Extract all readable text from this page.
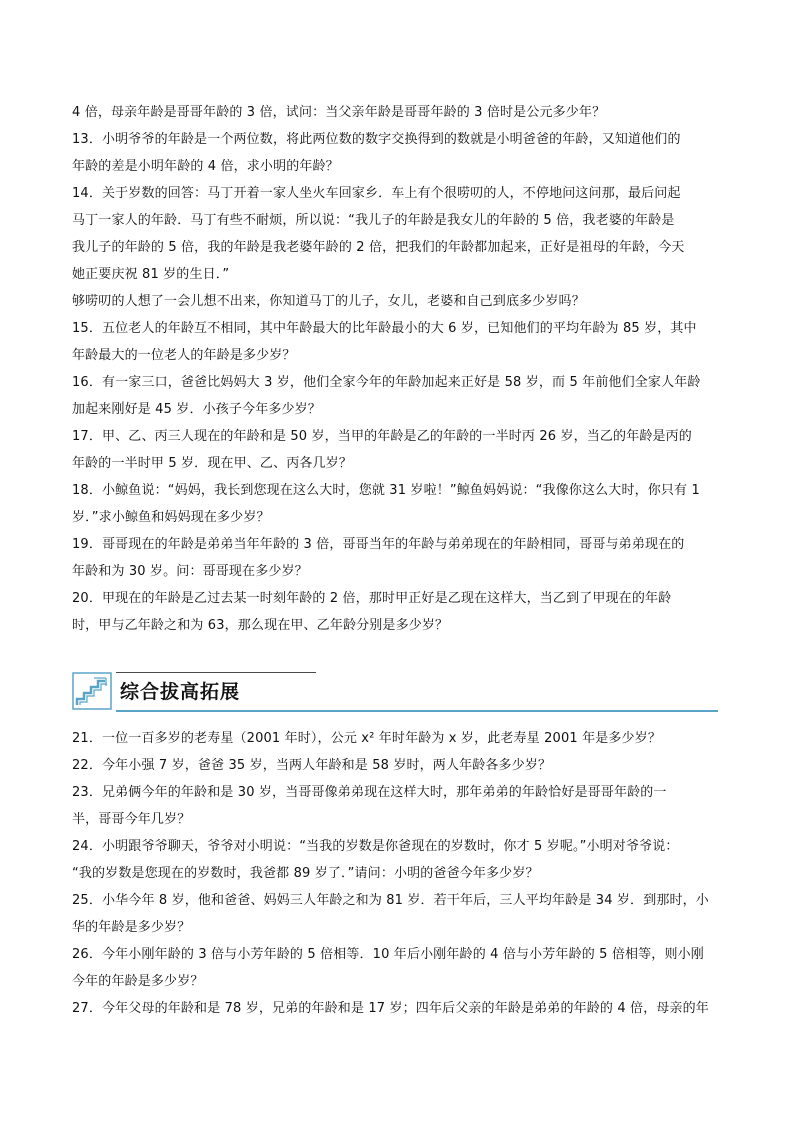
4 倍，母亲年龄是哥哥年龄的 3 倍，试问：当父亲年龄是哥哥年龄的 3 倍时是公元多少年？
13．小明爷爷的年龄是一个两位数，将此两位数的数字交换得到的数就是小明爸爸的年龄，又知道他们的
年龄的差是小明年龄的 4 倍，求小明的年龄？
14．关于岁数的回答：马丁开着一家人坐火车回家乡．车上有个很唠叨的人，不停地问这问那，最后问起
马丁一家人的年龄．马丁有些不耐烦，所以说：“我儿子的年龄是我女儿的年龄的 5 倍，我老婆的年龄是
我儿子的年龄的 5 倍，我的年龄是我老婆年龄的 2 倍，把我们的年龄都加起来，正好是祖母的年龄，今天
她正要庆祝 81 岁的生日．”
够唠叨的人想了一会儿想不出来，你知道马丁的儿子，女儿，老婆和自己到底多少岁吗？
15．五位老人的年龄互不相同，其中年龄最大的比年龄最小的大 6 岁，已知他们的平均年龄为 85 岁，其中
年龄最大的一位老人的年龄是多少岁？
16．有一家三口，爸爸比妈妈大 3 岁，他们全家今年的年龄加起来正好是 58 岁，而 5 年前他们全家人年龄
加起来刚好是 45 岁．小孩子今年多少岁？
17．甲、乙、丙三人现在的年龄和是 50 岁，当甲的年龄是乙的年龄的一半时丙 26 岁，当乙的年龄是丙的
年龄的一半时甲 5 岁．现在甲、乙、丙各几岁？
18．小鲸鱼说：“妈妈，我长到您现在这么大时，您就 31 岁啦！”鲸鱼妈妈说：“我像你这么大时，你只有 1
岁．”求小鲸鱼和妈妈现在多少岁？
19．哥哥现在的年龄是弟弟当年年龄的 3 倍，哥哥当年的年龄与弟弟现在的年龄相同，哥哥与弟弟现在的
年龄和为 30 岁。问：哥哥现在多少岁？
20．甲现在的年龄是乙过去某一时刻年龄的 2 倍，那时甲正好是乙现在这样大，当乙到了甲现在的年龄
时，甲与乙年龄之和为 63，那么现在甲、乙年龄分别是多少岁？
综合拔高拓展
21．一位一百多岁的老寿星（2001 年时），公元 x² 年时年龄为 x 岁，此老寿星 2001 年是多少岁？
22．今年小强 7 岁，爸爸 35 岁，当两人年龄和是 58 岁时，两人年龄各多少岁？
23．兄弟俩今年的年龄和是 30 岁，当哥哥像弟弟现在这样大时，那年弟弟的年龄恰好是哥哥年龄的一
半，哥哥今年几岁？
24．小明跟爷爷聊天，爷爷对小明说：“当我的岁数是你爸现在的岁数时，你才 5 岁呢。”小明对爷爷说：
“我的岁数是您现在的岁数时，我爸都 89 岁了．”请问：小明的爸爸今年多少岁？
25．小华今年 8 岁，他和爸爸、妈妈三人年龄之和为 81 岁．若干年后，三人平均年龄是 34 岁．到那时，小
华的年龄是多少岁？
26．今年小刚年龄的 3 倍与小芳年龄的 5 倍相等．10 年后小刚年龄的 4 倍与小芳年龄的 5 倍相等，则小刚
今年的年龄是多少岁？
27．今年父母的年龄和是 78 岁，兄弟的年龄和是 17 岁；四年后父亲的年龄是弟弟的年龄的 4 倍，母亲的年
